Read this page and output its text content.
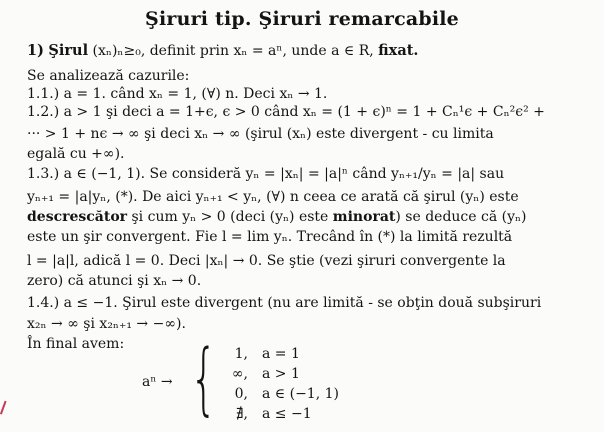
Şiruri tip. Şiruri remarcabile
1) Şirul (xₙ)ₙ≥₀, definit prin xₙ = aⁿ, unde a ∈ R, fixat.
Se analizează cazurile:
1.1.) a = 1. când xₙ = 1, (∀) n. Deci xₙ → 1.
1.2.) a > 1 şi deci a = 1+ϵ, ϵ > 0 când xₙ = (1 + ϵ)ⁿ = 1 + Cₙ¹ϵ + Cₙ²ϵ² +
··· > 1 + nϵ → ∞ şi deci xₙ → ∞ (şirul (xₙ) este divergent - cu limita
egală cu +∞).
1.3.) a ∈ (−1, 1). Se consideră yₙ = |xₙ| = |a|ⁿ când yₙ₊₁/yₙ = |a| sau
yₙ₊₁ = |a|yₙ, (*). De aici yₙ₊₁ < yₙ, (∀) n ceea ce arată că şirul (yₙ) este
descrescător şi cum yₙ > 0 (deci (yₙ) este minorat) se deduce că (yₙ)
este un şir convergent. Fie l = lim yₙ. Trecând în (*) la limită rezultă
l = |a|l, adică l = 0. Deci |xₙ| → 0. Se ştie (vezi şiruri convergente la
zero) că atunci şi xₙ → 0.
1.4.) a ≤ −1. Şirul este divergent (nu are limită - se obţin două subşiruri
x₂ₙ → ∞ şi x₂ₙ₊₁ → −∞).
În final avem:
aⁿ → {	1, a = 1
∞, a > 1
0, a ∈ (−1, 1)
∄, a ≤ −1
